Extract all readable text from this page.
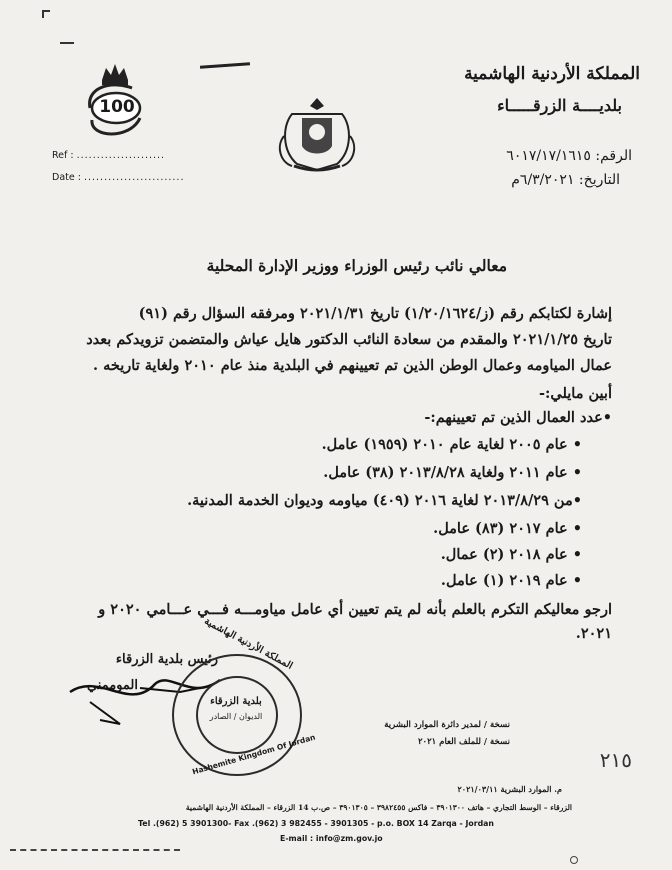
100
Ref : ......................
Date : .........................
المملكة الأردنية الهاشمية
بلديــــة الزرقـــــاء
الرقم: ٦٠١٧/١٧/١٦١٥
التاريخ: ٦/٣/٢٠٢١م
معالي نائب رئيس الوزراء ووزير الإدارة المحلية
إشارة لكتابكم رقم (ز/١/٢٠/١٦٢٤) تاريخ ٢٠٢١/١/٣١ ومرفقه السؤال رقم (٩١)
تاريخ ٢٠٢١/١/٢٥ والمقدم من سعادة النائب الدكتور هايل عياش والمتضمن تزويدكم بعدد
عمال المياومه وعمال الوطن الذين تم تعيينهم في البلدية منذ عام ٢٠١٠ ولغاية تاريخه .
أبين مايلي:-
•عدد العمال الذين تم تعيينهم:-
• عام ٢٠٠٥ لغاية عام ٢٠١٠ (١٩٥٩) عامل.
• عام ٢٠١١ ولغاية ٢٠١٣/٨/٢٨ (٣٨) عامل.
•من ٢٠١٣/٨/٢٩ لغاية ٢٠١٦ (٤٠٩) مياومه وديوان الخدمة المدنية.
• عام ٢٠١٧ (٨٣) عامل.
• عام ٢٠١٨ (٢) عمال.
• عام ٢٠١٩ (١) عامل.
ارجو معاليكم التكرم بالعلم بأنه لم يتم تعيين أي عامل مياومـــه فـــي عـــامي ٢٠٢٠ و
٢٠٢١.
رئيس بلدية الزرقاء
الموممني
المملكة الأردنية الهاشمية
Hashemite Kingdom Of Jordan
بلدية الزرقاء
الديوان / الصادر
نسخة / لمدير دائرة الموارد البشرية
نسخة / للملف العام ٢٠٢١
٢١٥
م. الموارد البشرية ٢٠٢١/٠٣/١١
الزرقاء – الوسط التجاري – هاتف ٣٩٠١٣٠٠ – فاكس ٣٩٨٢٤٥٥ – ٣٩٠١٣٠٥ – ص.ب 14 الزرقاء – المملكة الأردنية الهاشمية
Tel .(962) 5 3901300- Fax .(962) 3 982455 - 3901305 - p.o. BOX 14 Zarqa - Jordan
E-mail : info@zm.gov.jo
